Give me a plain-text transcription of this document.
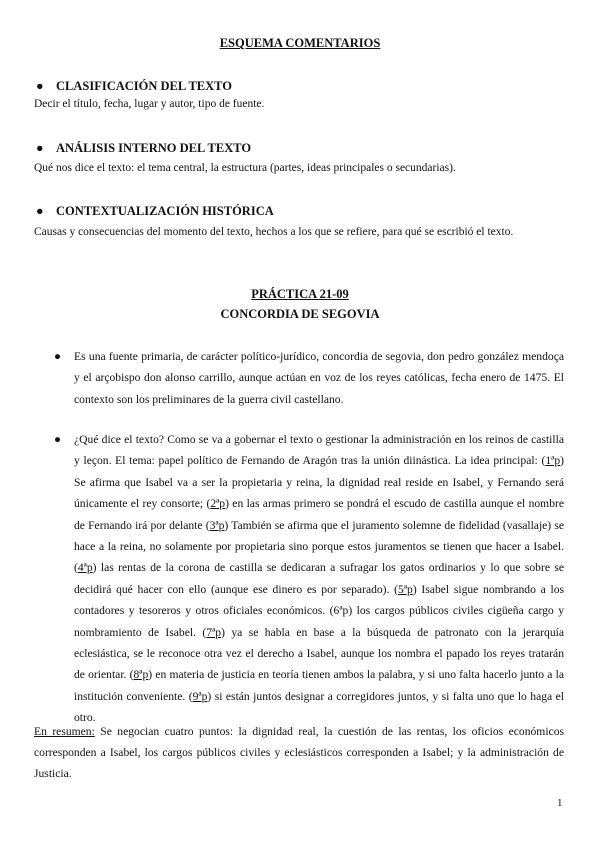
ESQUEMA COMENTARIOS
● CLASIFICACIÓN DEL TEXTO
Decir el título, fecha, lugar y autor, tipo de fuente.
● ANÁLISIS INTERNO DEL TEXTO
Qué nos dice el texto: el tema central, la estructura (partes, ideas principales o secundarias).
● CONTEXTUALIZACIÓN HISTÓRICA
Causas y consecuencias del momento del texto, hechos a los que se refiere, para qué se escribió el texto.
PRÁCTICA 21-09
CONCORDIA DE SEGOVIA
● Es una fuente primaria, de carácter político-jurídico, concordia de segovia, don pedro gonzález mendoça y el arçobispo don alonso carrillo, aunque actúan en voz de los reyes católicas, fecha enero de 1475. El contexto son los preliminares de la guerra civil castellano.
● ¿Qué dice el texto? Como se va a gobernar el texto o gestionar la administración en los reinos de castilla y leçon. El tema: papel político de Fernando de Aragón tras la unión diinástica. La idea principal: (1ªp) Se afirma que Isabel va a ser la propietaria y reina, la dignidad real reside en Isabel, y Fernando será únicamente el rey consorte; (2ªp) en las armas primero se pondrá el escudo de castilla aunque el nombre de Fernando irá por delante (3ªp) También se afirma que el juramento solemne de fidelidad (vasallaje) se hace a la reina, no solamente por propietaria sino porque estos juramentos se tienen que hacer a Isabel. (4ªp) las rentas de la corona de castilla se dedicaran a sufragar los gatos ordinarios y lo que sobre se decidirá qué hacer con ello (aunque ese dinero es por separado). (5ªp) Isabel sigue nombrando a los contadores y tesoreros y otros oficiales económicos. (6ªp) los cargos públicos civiles cigüeña cargo y nombramiento de Isabel. (7ªp) ya se habla en base a la búsqueda de patronato con la jerarquía eclesiástica, se le reconoce otra vez el derecho a Isabel, aunque los nombra el papado los reyes tratarán de orientar. (8ªp) en materia de justicia en teoría tienen ambos la palabra, y si uno falta hacerlo junto a la institución conveniente. (9ªp) si están juntos designar a corregidores juntos, y si falta uno que lo haga el otro.
En resumen: Se negocian cuatro puntos: la dignidad real, la cuestión de las rentas, los oficios económicos corresponden a Isabel, los cargos públicos civiles y eclesiásticos corresponden a Isabel; y la administración de Justicia.
1
